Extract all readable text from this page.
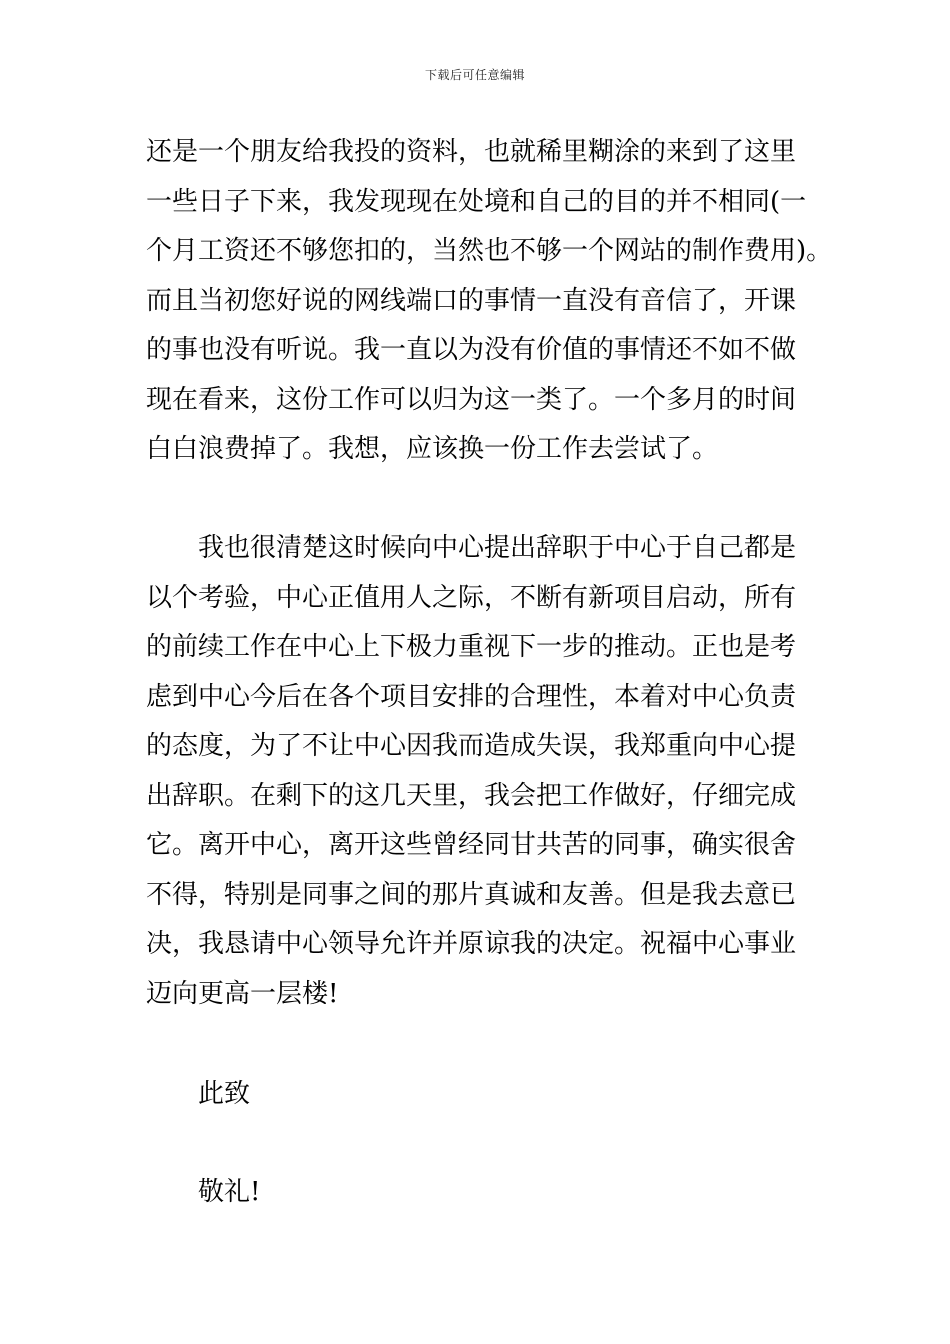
下载后可任意编辑
还是一个朋友给我投的资料，也就稀里糊涂的来到了这里
一些日子下来，我发现现在处境和自己的目的并不相同(一
个月工资还不够您扣的，当然也不够一个网站的制作费用)。
而且当初您好说的网线端口的事情一直没有音信了，开课
的事也没有听说。我一直以为没有价值的事情还不如不做
现在看来，这份工作可以归为这一类了。一个多月的时间
白白浪费掉了。我想，应该换一份工作去尝试了。
我也很清楚这时候向中心提出辞职于中心于自己都是
以个考验，中心正值用人之际，不断有新项目启动，所有
的前续工作在中心上下极力重视下一步的推动。正也是考
虑到中心今后在各个项目安排的合理性，本着对中心负责
的态度，为了不让中心因我而造成失误，我郑重向中心提
出辞职。在剩下的这几天里，我会把工作做好，仔细完成
它。离开中心，离开这些曾经同甘共苦的同事，确实很舍
不得，特别是同事之间的那片真诚和友善。但是我去意已
决，我恳请中心领导允许并原谅我的决定。祝福中心事业
迈向更高一层楼!
此致
敬礼!
